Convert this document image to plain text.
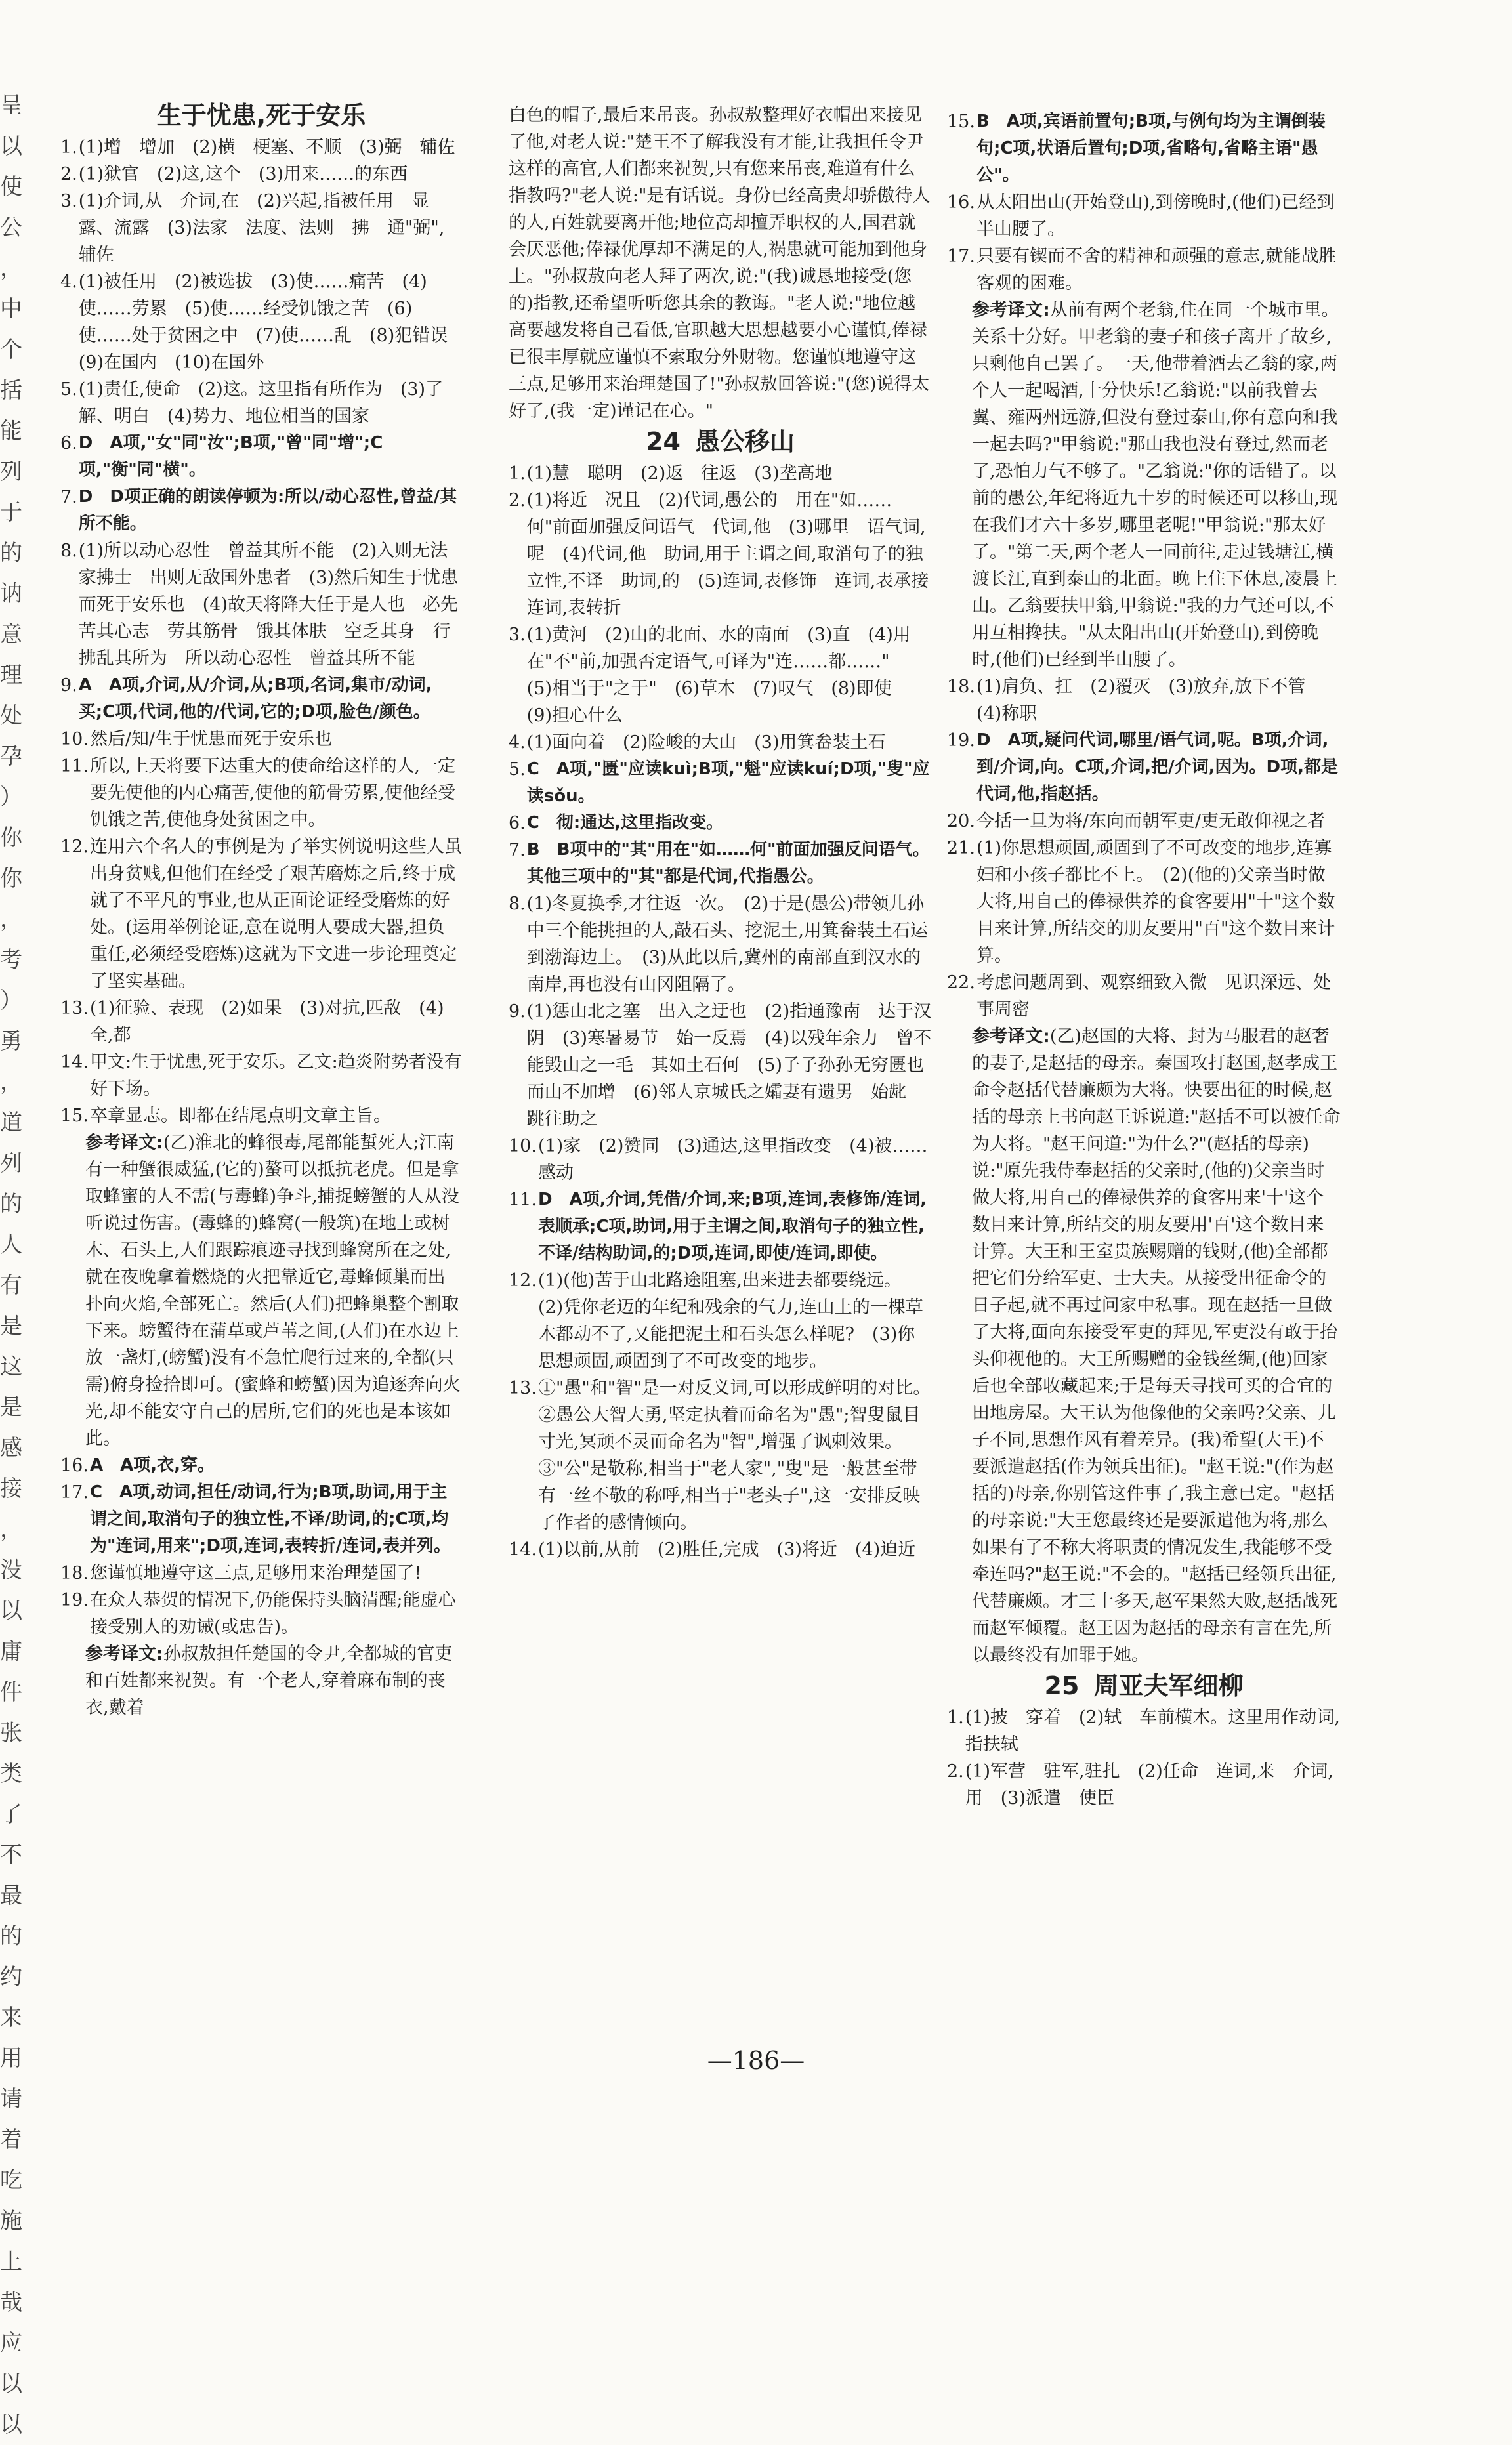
呈
以
使
公
，
中
个
括
能
列
于
的
讷
意
理
处
孕
）
你
你
，
考
）
勇
，
道
列
的
人
有
是
这
是
感
接
，
没
以
庸
件
张
类
了
不
最
的
约
来
用
请
着
吃
施
上
哉
应
以
以
生于忧患,死于安乐
1. (1)增　增加　(2)横　梗塞、不顺　(3)弼　辅佐
2. (1)狱官　(2)这,这个　(3)用来……的东西
3. (1)介词,从　介词,在　(2)兴起,指被任用　显露、流露　(3)法家　法度、法则　拂　通"弼",辅佐
4. (1)被任用　(2)被选拔　(3)使……痛苦　(4)使……劳累　(5)使……经受饥饿之苦　(6)使……处于贫困之中　(7)使……乱　(8)犯错误　(9)在国内　(10)在国外
5. (1)责任,使命　(2)这。这里指有所作为　(3)了解、明白　(4)势力、地位相当的国家
6. D　A项,"女"同"汝";B项,"曾"同"增";C项,"衡"同"横"。
7. D　D项正确的朗读停顿为:所以/动心忍性,曾益/其所不能。
8. (1)所以动心忍性　曾益其所不能　(2)入则无法家拂士　出则无敌国外患者　(3)然后知生于忧患而死于安乐也　(4)故天将降大任于是人也　必先苦其心志　劳其筋骨　饿其体肤　空乏其身　行拂乱其所为　所以动心忍性　曾益其所不能
9. A　A项,介词,从/介词,从;B项,名词,集市/动词,买;C项,代词,他的/代词,它的;D项,脸色/颜色。
10. 然后/知/生于忧患而死于安乐也
11. 所以,上天将要下达重大的使命给这样的人,一定要先使他的内心痛苦,使他的筋骨劳累,使他经受饥饿之苦,使他身处贫困之中。
12. 连用六个名人的事例是为了举实例说明这些人虽出身贫贱,但他们在经受了艰苦磨炼之后,终于成就了不平凡的事业,也从正面论证经受磨炼的好处。(运用举例论证,意在说明人要成大器,担负重任,必须经受磨炼)这就为下文进一步论理奠定了坚实基础。
13. (1)征验、表现　(2)如果　(3)对抗,匹敌　(4)全,都
14. 甲文:生于忧患,死于安乐。乙文:趋炎附势者没有好下场。
15. 卒章显志。即都在结尾点明文章主旨。
参考译文:(乙)淮北的蜂很毒,尾部能蜇死人;江南有一种蟹很威猛,(它的)螯可以抵抗老虎。但是拿取蜂蜜的人不需(与毒蜂)争斗,捕捉螃蟹的人从没听说过伤害。(毒蜂的)蜂窝(一般筑)在地上或树木、石头上,人们跟踪痕迹寻找到蜂窝所在之处,就在夜晚拿着燃烧的火把靠近它,毒蜂倾巢而出扑向火焰,全部死亡。然后(人们)把蜂巢整个割取下来。螃蟹待在蒲草或芦苇之间,(人们)在水边上放一盏灯,(螃蟹)没有不急忙爬行过来的,全都(只需)俯身捡拾即可。(蜜蜂和螃蟹)因为追逐奔向火光,却不能安守自己的居所,它们的死也是本该如此。
16. A　A项,衣,穿。
17. C　A项,动词,担任/动词,行为;B项,助词,用于主谓之间,取消句子的独立性,不译/助词,的;C项,均为"连词,用来";D项,连词,表转折/连词,表并列。
18. 您谨慎地遵守这三点,足够用来治理楚国了!
19. 在众人恭贺的情况下,仍能保持头脑清醒;能虚心接受别人的劝诫(或忠告)。
参考译文:孙叔敖担任楚国的令尹,全都城的官吏和百姓都来祝贺。有一个老人,穿着麻布制的丧衣,戴着
白色的帽子,最后来吊丧。孙叔敖整理好衣帽出来接见了他,对老人说:"楚王不了解我没有才能,让我担任令尹这样的高官,人们都来祝贺,只有您来吊丧,难道有什么指教吗?"老人说:"是有话说。身份已经高贵却骄傲待人的人,百姓就要离开他;地位高却擅弄职权的人,国君就会厌恶他;俸禄优厚却不满足的人,祸患就可能加到他身上。"孙叔敖向老人拜了两次,说:"(我)诚恳地接受(您的)指教,还希望听听您其余的教诲。"老人说:"地位越高要越发将自己看低,官职越大思想越要小心谨慎,俸禄已很丰厚就应谨慎不索取分外财物。您谨慎地遵守这三点,足够用来治理楚国了!"孙叔敖回答说:"(您)说得太好了,(我一定)谨记在心。"
24 愚公移山
1. (1)慧　聪明　(2)返　往返　(3)垄高地
2. (1)将近　况且　(2)代词,愚公的　用在"如……何"前面加强反问语气　代词,他　(3)哪里　语气词,呢　(4)代词,他　助词,用于主谓之间,取消句子的独立性,不译　助词,的　(5)连词,表修饰　连词,表承接　连词,表转折
3. (1)黄河　(2)山的北面、水的南面　(3)直　(4)用在"不"前,加强否定语气,可译为"连……都……"　(5)相当于"之于"　(6)草木　(7)叹气　(8)即使　(9)担心什么
4. (1)面向着　(2)险峻的大山　(3)用箕畚装土石
5. C　A项,"匮"应读kuì;B项,"魁"应读kuí;D项,"叟"应读sǒu。
6. C　彻:通达,这里指改变。
7. B　B项中的"其"用在"如……何"前面加强反问语气。其他三项中的"其"都是代词,代指愚公。
8. (1)冬夏换季,才往返一次。　(2)于是(愚公)带领儿孙中三个能挑担的人,敲石头、挖泥土,用箕畚装土石运到渤海边上。　(3)从此以后,冀州的南部直到汉水的南岸,再也没有山冈阻隔了。
9. (1)惩山北之塞　出入之迂也　(2)指通豫南　达于汉阴　(3)寒暑易节　始一反焉　(4)以残年余力　曾不能毁山之一毛　其如土石何　(5)子子孙孙无穷匮也　而山不加增　(6)邻人京城氏之孀妻有遗男　始龀　跳往助之
10. (1)家　(2)赞同　(3)通达,这里指改变　(4)被……感动
11. D　A项,介词,凭借/介词,来;B项,连词,表修饰/连词,表顺承;C项,助词,用于主谓之间,取消句子的独立性,不译/结构助词,的;D项,连词,即使/连词,即使。
12. (1)(他)苦于山北路途阻塞,出来进去都要绕远。　(2)凭你老迈的年纪和残余的气力,连山上的一棵草木都动不了,又能把泥土和石头怎么样呢?　(3)你思想顽固,顽固到了不可改变的地步。
13. ①"愚"和"智"是一对反义词,可以形成鲜明的对比。②愚公大智大勇,坚定执着而命名为"愚";智叟鼠目寸光,冥顽不灵而命名为"智",增强了讽刺效果。③"公"是敬称,相当于"老人家","叟"是一般甚至带有一丝不敬的称呼,相当于"老头子",这一安排反映了作者的感情倾向。
14. (1)以前,从前　(2)胜任,完成　(3)将近　(4)迫近
15. B　A项,宾语前置句;B项,与例句均为主谓倒装句;C项,状语后置句;D项,省略句,省略主语"愚公"。
16. 从太阳出山(开始登山),到傍晚时,(他们)已经到半山腰了。
17. 只要有锲而不舍的精神和顽强的意志,就能战胜客观的困难。
参考译文:从前有两个老翁,住在同一个城市里。关系十分好。甲老翁的妻子和孩子离开了故乡,只剩他自己罢了。一天,他带着酒去乙翁的家,两个人一起喝酒,十分快乐!乙翁说:"以前我曾去翼、雍两州远游,但没有登过泰山,你有意向和我一起去吗?"甲翁说:"那山我也没有登过,然而老了,恐怕力气不够了。"乙翁说:"你的话错了。以前的愚公,年纪将近九十岁的时候还可以移山,现在我们才六十多岁,哪里老呢!"甲翁说:"那太好了。"第二天,两个老人一同前往,走过钱塘江,横渡长江,直到泰山的北面。晚上住下休息,凌晨上山。乙翁要扶甲翁,甲翁说:"我的力气还可以,不用互相搀扶。"从太阳出山(开始登山),到傍晚时,(他们)已经到半山腰了。
18. (1)肩负、扛　(2)覆灭　(3)放弃,放下不管　(4)称职
19. D　A项,疑问代词,哪里/语气词,呢。B项,介词,到/介词,向。C项,介词,把/介词,因为。D项,都是代词,他,指赵括。
20. 今括一旦为将/东向而朝军吏/吏无敢仰视之者
21. (1)你思想顽固,顽固到了不可改变的地步,连寡妇和小孩子都比不上。　(2)(他的)父亲当时做大将,用自己的俸禄供养的食客要用"十"这个数目来计算,所结交的朋友要用"百"这个数目来计算。
22. 考虑问题周到、观察细致入微　见识深远、处事周密
参考译文:(乙)赵国的大将、封为马服君的赵奢的妻子,是赵括的母亲。秦国攻打赵国,赵孝成王命令赵括代替廉颇为大将。快要出征的时候,赵括的母亲上书向赵王诉说道:"赵括不可以被任命为大将。"赵王问道:"为什么?"(赵括的母亲)说:"原先我侍奉赵括的父亲时,(他的)父亲当时做大将,用自己的俸禄供养的食客用来'十'这个数目来计算,所结交的朋友要用'百'这个数目来计算。大王和王室贵族赐赠的钱财,(他)全部都把它们分给军吏、士大夫。从接受出征命令的日子起,就不再过问家中私事。现在赵括一旦做了大将,面向东接受军吏的拜见,军吏没有敢于抬头仰视他的。大王所赐赠的金钱丝绸,(他)回家后也全部收藏起来;于是每天寻找可买的合宜的田地房屋。大王认为他像他的父亲吗?父亲、儿子不同,思想作风有着差异。(我)希望(大王)不要派遣赵括(作为领兵出征)。"赵王说:"(作为赵括的)母亲,你别管这件事了,我主意已定。"赵括的母亲说:"大王您最终还是要派遣他为将,那么如果有了不称大将职责的情况发生,我能够不受牵连吗?"赵王说:"不会的。"赵括已经领兵出征,代替廉颇。才三十多天,赵军果然大败,赵括战死而赵军倾覆。赵王因为赵括的母亲有言在先,所以最终没有加罪于她。
25 周亚夫军细柳
1. (1)披　穿着　(2)轼　车前横木。这里用作动词,指扶轼
2. (1)军营　驻军,驻扎　(2)任命　连词,来　介词,用　(3)派遣　使臣
—186—
